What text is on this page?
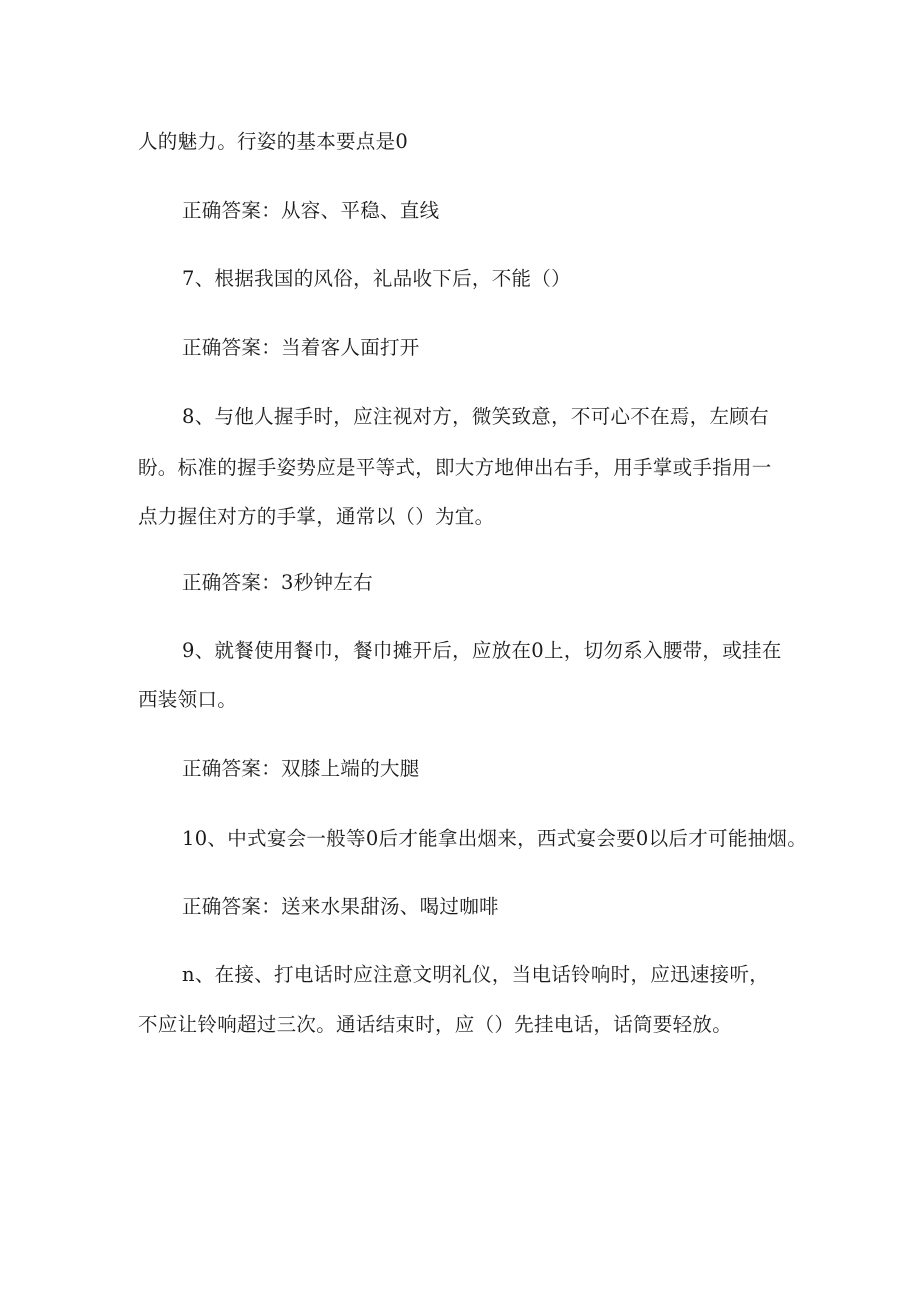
人的魅力。行姿的基本要点是0
正确答案：从容、平稳、直线
7、根据我国的风俗，礼品收下后，不能（）
正确答案：当着客人面打开
8、与他人握手时，应注视对方，微笑致意，不可心不在焉，左顾右
盼。标准的握手姿势应是平等式，即大方地伸出右手，用手掌或手指用一
点力握住对方的手掌，通常以（）为宜。
正确答案：3秒钟左右
9、就餐使用餐巾，餐巾摊开后，应放在0上，切勿系入腰带，或挂在
西装领口。
正确答案：双膝上端的大腿
10、中式宴会一般等0后才能拿出烟来，西式宴会要0以后才可能抽烟。
正确答案：送来水果甜汤、喝过咖啡
n、在接、打电话时应注意文明礼仪，当电话铃响时，应迅速接听，
不应让铃响超过三次。通话结束时，应（）先挂电话，话筒要轻放。
